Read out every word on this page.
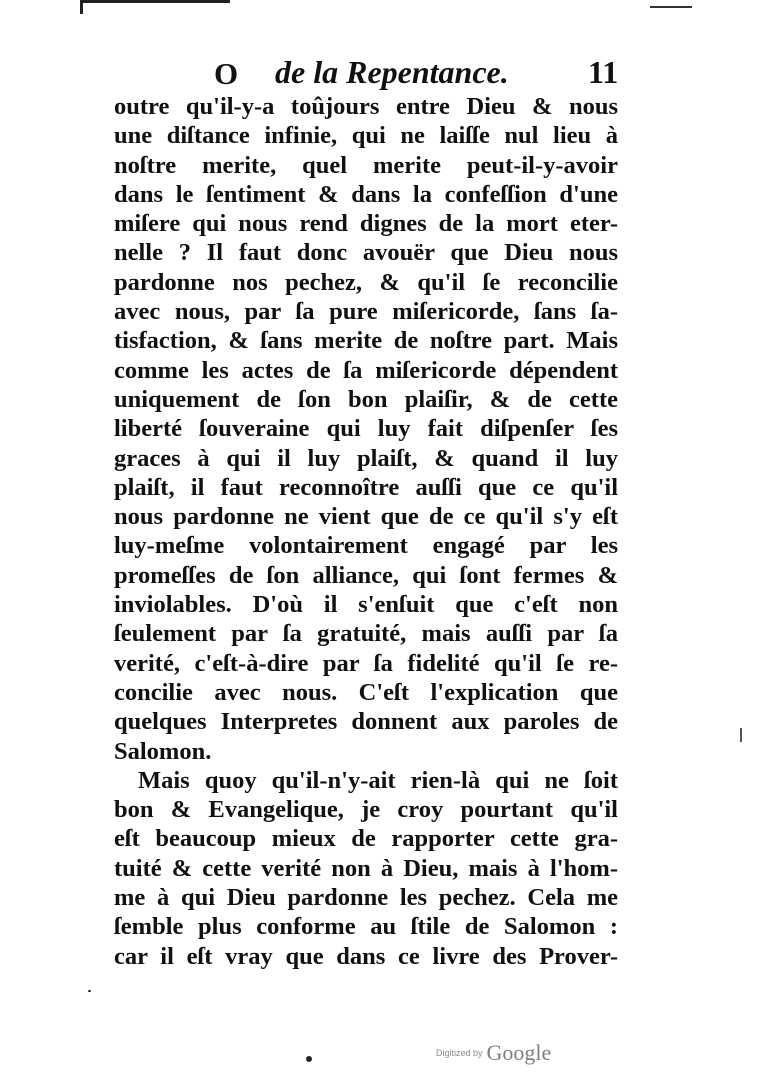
O de la Repentance. 11
outre qu'il-y-a toûjours entre Dieu & nous
une diſtance infinie, qui ne laiſſe nul lieu à
noſtre merite, quel merite peut-il-y-avoir
dans le ſentiment & dans la confeſſion d'une
miſere qui nous rend dignes de la mort eter-
nelle ? Il faut donc avouër que Dieu nous
pardonne nos pechez, & qu'il ſe reconcilie
avec nous, par ſa pure miſericorde, ſans ſa-
tisfaction, & ſans merite de noſtre part. Mais
comme les actes de ſa miſericorde dépendent
uniquement de ſon bon plaiſir, & de cette
liberté ſouveraine qui luy fait diſpenſer ſes
graces à qui il luy plaiſt, & quand il luy
plaiſt, il faut reconnoître auſſi que ce qu'il
nous pardonne ne vient que de ce qu'il s'y eſt
luy-meſme volontairement engagé par les
promeſſes de ſon alliance, qui ſont fermes &
inviolables. D'où il s'enſuit que c'eſt non
ſeulement par ſa gratuité, mais auſſi par ſa
verité, c'eſt-à-dire par ſa fidelité qu'il ſe re-
concilie avec nous. C'eſt l'explication que
quelques Interpretes donnent aux paroles de
Salomon.
Mais quoy qu'il-n'y-ait rien-là qui ne ſoit
bon & Evangelique, je croy pourtant qu'il
eſt beaucoup mieux de rapporter cette gra-
tuité & cette verité non à Dieu, mais à l'hom-
me à qui Dieu pardonne les pechez. Cela me
ſemble plus conforme au ſtile de Salomon :
car il eſt vray que dans ce livre des Prover-
Digitized by Google
